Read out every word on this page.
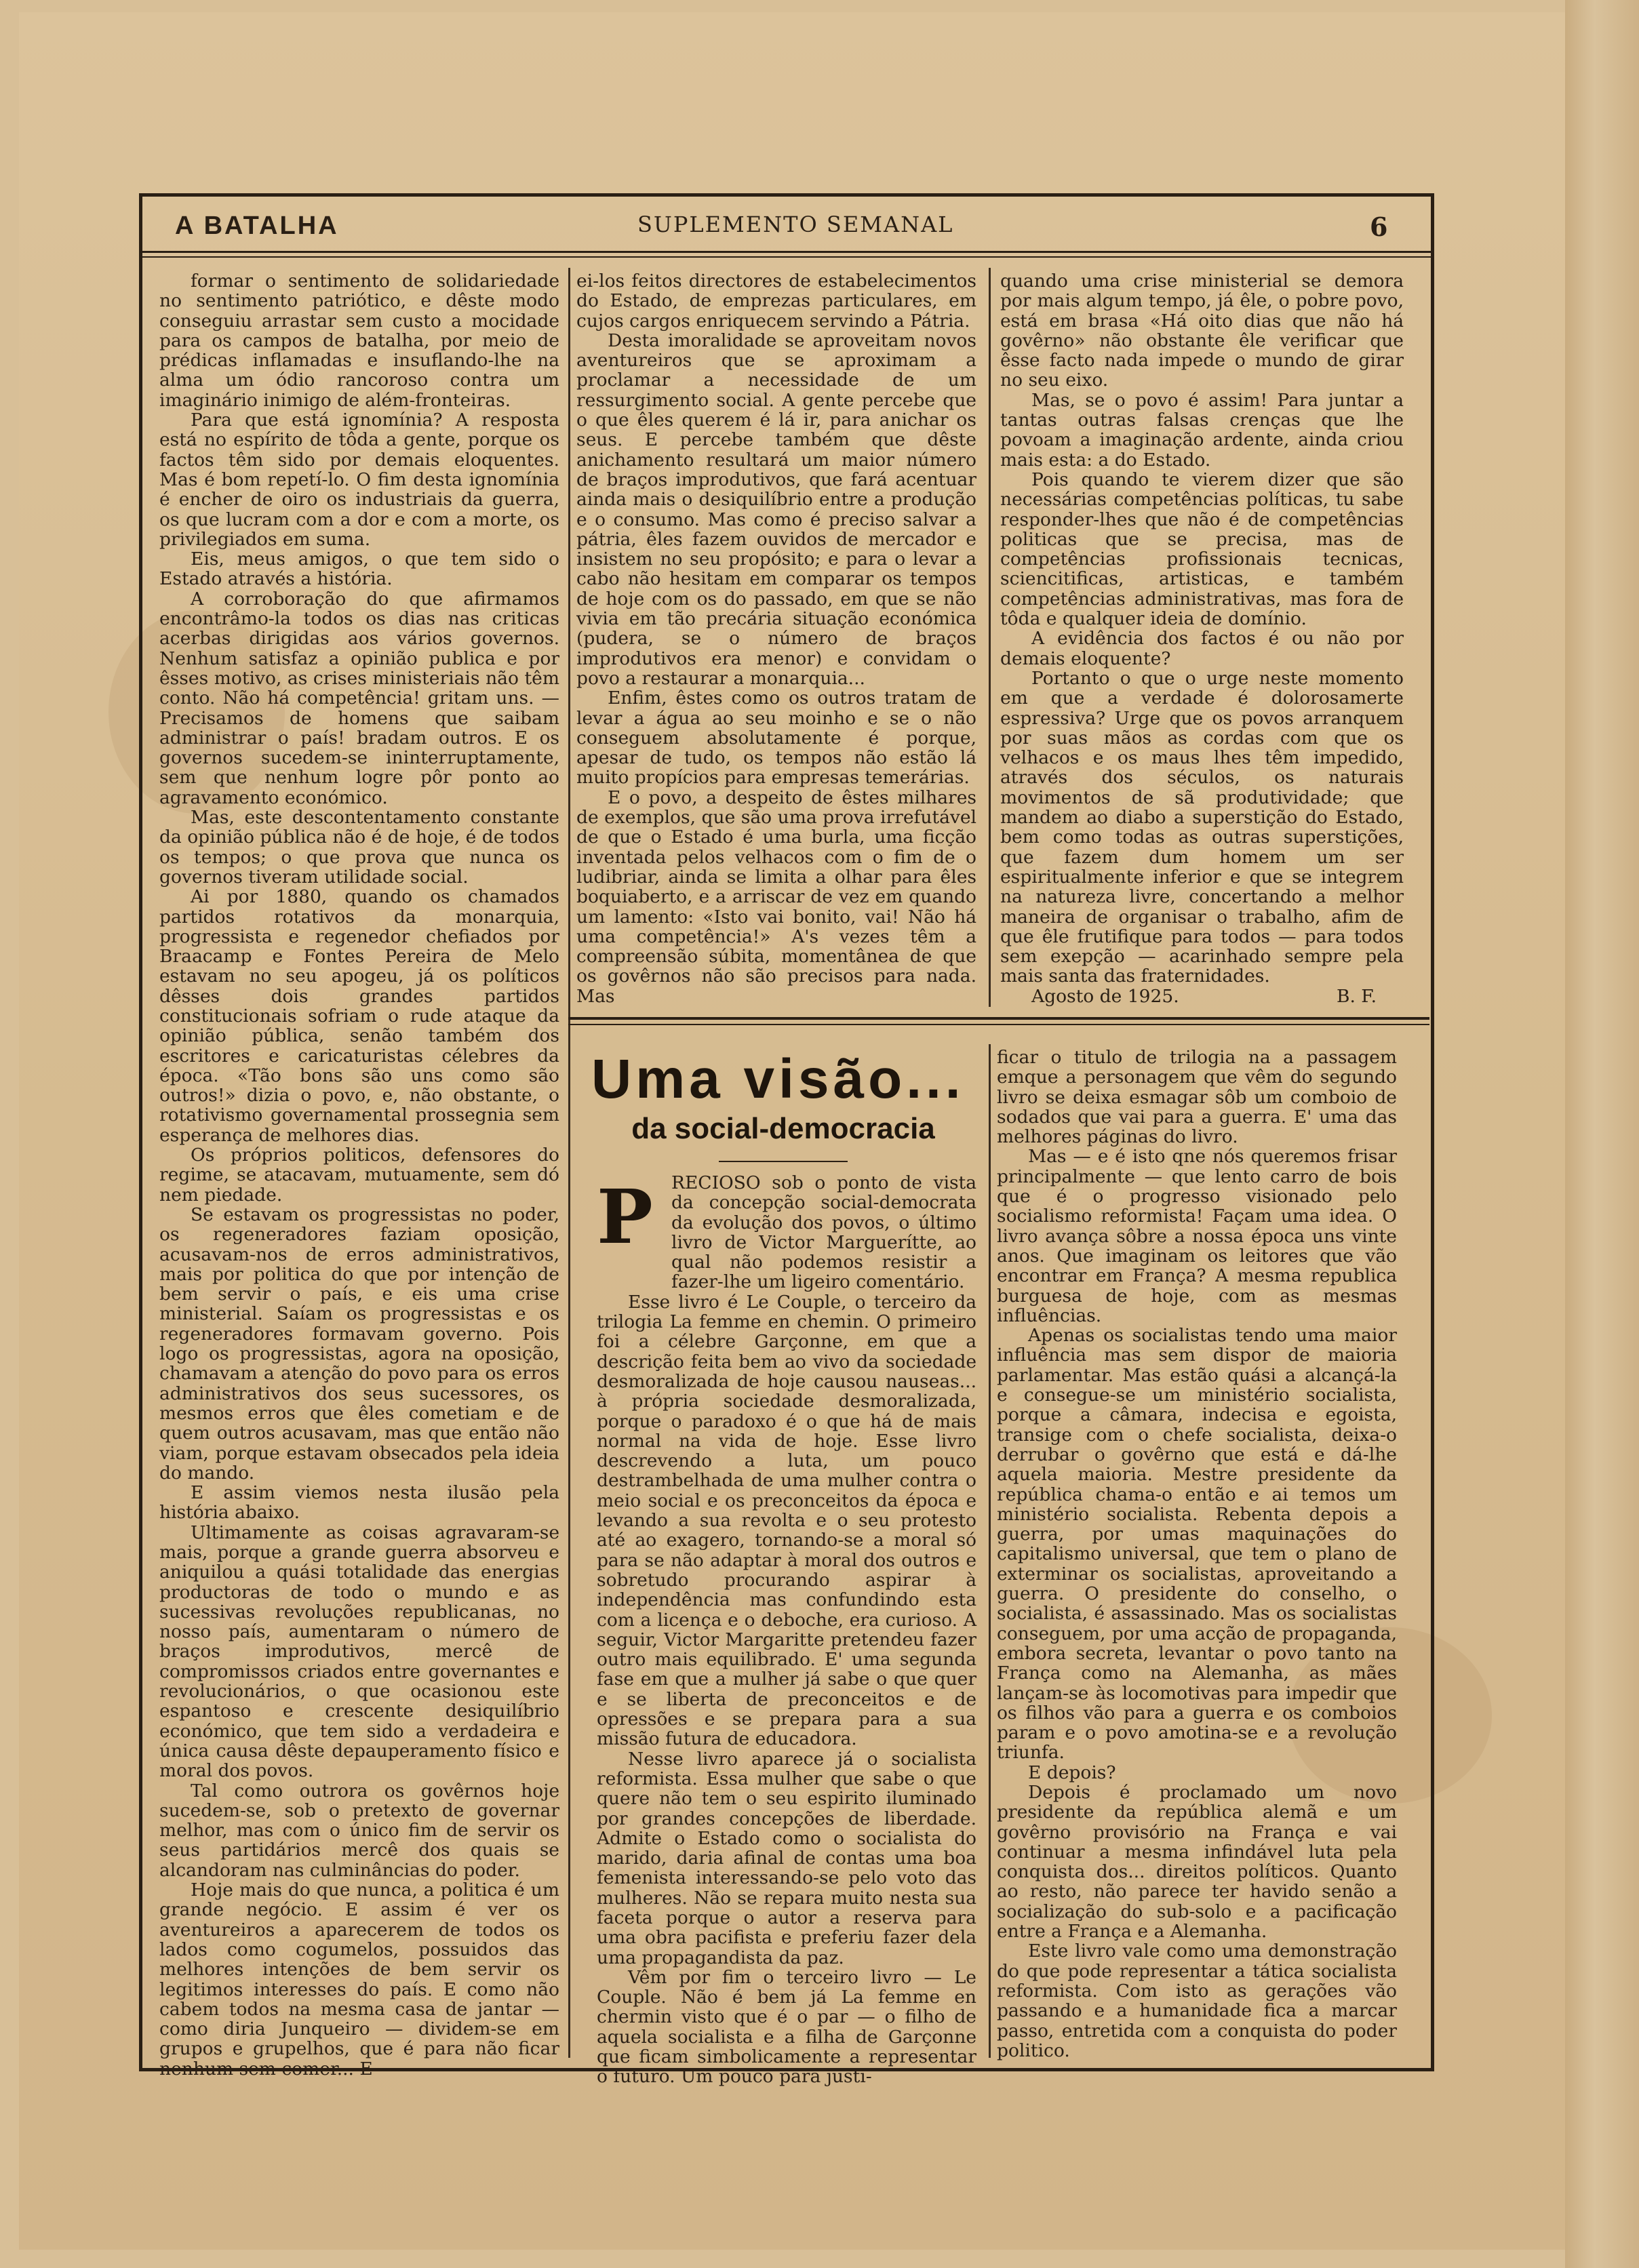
A BATALHA	SUPLEMENTO SEMANAL	6

formar o sentimento de solidariedade no sentimento patriótico, e dêste modo conseguiu arrastar sem custo a mocidade para os campos de batalha, por meio de prédicas inflamadas e insuflando-lhe na alma um ódio rancoroso contra um imaginário inimigo de além-fronteiras.

Para que está ignomínia? A resposta está no espírito de tôda a gente, porque os factos têm sido por demais eloquentes. Mas é bom repetí-lo. O fim desta ignomínia é encher de oiro os industriais da guerra, os que lucram com a dor e com a morte, os privilegiados em suma.

Eis, meus amigos, o que tem sido o Estado através a história.

A corroboração do que afirmamos encontrâmo-la todos os dias nas criticas acerbas dirigidas aos vários governos. Nenhum satisfaz a opinião publica e por êsses motivo, as crises ministeriais não têm conto. Não há competência! gritam uns. — Precisamos de homens que saibam administrar o país! bradam outros. E os governos sucedem-se ininterruptamente, sem que nenhum logre pôr ponto ao agravamento económico.

Mas, este descontentamento constante da opinião pública não é de hoje, é de todos os tempos; o que prova que nunca os governos tiveram utilidade social.

Ai por 1880, quando os chamados partidos rotativos da monarquia, progressista e regenedor chefiados por Braacamp e Fontes Pereira de Melo estavam no seu apogeu, já os políticos dêsses dois grandes partidos constitucionais sofriam o rude ataque da opinião pública, senão também dos escritores e caricaturistas célebres da época. «Tão bons são uns como são outros!» dizia o povo, e, não obstante, o rotativismo governamental prossegnia sem esperança de melhores dias.

Os próprios politicos, defensores do regime, se atacavam, mutuamente, sem dó nem piedade.

Se estavam os progressistas no poder, os regeneradores faziam oposição, acusavam-nos de erros administrativos, mais por politica do que por intenção de bem servir o país, e eis uma crise ministerial. Saíam os progressistas e os regeneradores formavam governo. Pois logo os progressistas, agora na oposição, chamavam a atenção do povo para os erros administrativos dos seus sucessores, os mesmos erros que êles cometiam e de quem outros acusavam, mas que então não viam, porque estavam obsecados pela ideia do mando.

E assim viemos nesta ilusão pela história abaixo.

Ultimamente as coisas agravaram-se mais, porque a grande guerra absorveu e aniquilou a quási totalidade das energias productoras de todo o mundo e as sucessivas revoluções republicanas, no nosso país, aumentaram o número de braços improdutivos, mercê de compromissos criados entre governantes e revolucionários, o que ocasionou este espantoso e crescente desiquilíbrio económico, que tem sido a verdadeira e única causa dêste depauperamento físico e moral dos povos.

Tal como outrora os govêrnos hoje sucedem-se, sob o pretexto de governar melhor, mas com o único fim de servir os seus partidários mercê dos quais se alcandoram nas culminâncias do poder.

Hoje mais do que nunca, a politica é um grande negócio. E assim é ver os aventureiros a aparecerem de todos os lados como cogumelos, possuidos das melhores intenções de bem servir os legitimos interesses do país. E como não cabem todos na mesma casa de jantar — como diria Junqueiro — dividem-se em grupos e grupelhos, que é para não ficar nenhum sem comer... E

ei-los feitos directores de estabelecimentos do Estado, de emprezas particulares, em cujos cargos enriquecem servindo a Pátria.

Desta imoralidade se aproveitam novos aventureiros que se aproximam a proclamar a necessidade de um ressurgimento social. A gente percebe que o que êles querem é lá ir, para anichar os seus. E percebe também que dêste anichamento resultará um maior número de braços improdutivos, que fará acentuar ainda mais o desiquilíbrio entre a produção e o consumo. Mas como é preciso salvar a pátria, êles fazem ouvidos de mercador e insistem no seu propósito; e para o levar a cabo não hesitam em comparar os tempos de hoje com os do passado, em que se não vivia em tão precária situação económica (pudera, se o número de braços improdutivos era menor) e convidam o povo a restaurar a monarquia...

Enfim, êstes como os outros tratam de levar a água ao seu moinho e se o não conseguem absolutamente é porque, apesar de tudo, os tempos não estão lá muito propícios para empresas temerárias.

E o povo, a despeito de êstes milhares de exemplos, que são uma prova irrefutável de que o Estado é uma burla, uma ficção inventada pelos velhacos com o fim de o ludibriar, ainda se limita a olhar para êles boquiaberto, e a arriscar de vez em quando um lamento: «Isto vai bonito, vai! Não há uma competência!» A's vezes têm a compreensão súbita, momentânea de que os govêrnos não são precisos para nada. Mas

quando uma crise ministerial se demora por mais algum tempo, já êle, o pobre povo, está em brasa «Há oito dias que não há govêrno» não obstante êle verificar que êsse facto nada impede o mundo de girar no seu eixo.

Mas, se o povo é assim! Para juntar a tantas outras falsas crenças que lhe povoam a imaginação ardente, ainda criou mais esta: a do Estado.

Pois quando te vierem dizer que são necessárias competências políticas, tu sabe responder-lhes que não é de competências politicas que se precisa, mas de competências profissionais tecnicas, sciencitificas, artisticas, e também competências administrativas, mas fora de tôda e qualquer ideia de domínio.

A evidência dos factos é ou não por demais eloquente?

Portanto o que o urge neste momento em que a verdade é dolorosamerte espressiva? Urge que os povos arranquem por suas mãos as cordas com que os velhacos e os maus lhes têm impedido, através dos séculos, os naturais movimentos de sã produtividade; que mandem ao diabo a superstição do Estado, bem como todas as outras superstições, que fazem dum homem um ser espiritualmente inferior e que se integrem na natureza livre, concertando a melhor maneira de organisar o trabalho, afim de que êle frutifique para todos — para todos sem exepção — acarinhado sempre pela mais santa das fraternidades.

Agosto de 1925.	B. F.
Uma visão...
da social-democracia
P	RECIOSO sob o ponto de vista da concepção social-democrata da evolução dos povos, o último livro de Victor Marguerítte, ao qual não podemos resistir a fazer-lhe um ligeiro comentário.

Esse livro é Le Couple, o terceiro da trilogia La femme en chemin. O primeiro foi a célebre Garçonne, em que a descrição feita bem ao vivo da sociedade desmoralizada de hoje causou nauseas... à própria sociedade desmoralizada, porque o paradoxo é o que há de mais normal na vida de hoje. Esse livro descrevendo a luta, um pouco destrambelhada de uma mulher contra o meio social e os preconceitos da época e levando a sua revolta e o seu protesto até ao exagero, tornando-se a moral só para se não adaptar à moral dos outros e sobretudo procurando aspirar à independência mas confundindo esta com a licença e o deboche, era curioso. A seguir, Victor Margaritte pretendeu fazer outro mais equilibrado. E' uma segunda fase em que a mulher já sabe o que quer e se liberta de preconceitos e de opressões e se prepara para a sua missão futura de educadora.

Nesse livro aparece já o socialista reformista. Essa mulher que sabe o que quere não tem o seu espirito iluminado por grandes concepções de liberdade. Admite o Estado como o socialista do marido, daria afinal de contas uma boa femenista interessando-se pelo voto das mulheres. Não se repara muito nesta sua faceta porque o autor a reserva para uma obra pacifista e preferiu fazer dela uma propagandista da paz.

Vêm por fim o terceiro livro — Le Couple. Não é bem já La femme en chermin visto que é o par — o filho de aquela socialista e a filha de Garçonne que ficam simbolicamente a representar o futuro. Um pouco pará justi-

ficar o titulo de trilogia na a passagem emque a personagem que vêm do segundo livro se deixa esmagar sôb um comboio de sodados que vai para a guerra. E' uma das melhores páginas do livro.

Mas — e é isto qne nós queremos frisar principalmente — que lento carro de bois que é o progresso visionado pelo socialismo reformista! Façam uma idea. O livro avança sôbre a nossa época uns vinte anos. Que imaginam os leitores que vão encontrar em França? A mesma republica burguesa de hoje, com as mesmas influências.

Apenas os socialistas tendo uma maior influência mas sem dispor de maioria parlamentar. Mas estão quási a alcançá-la e consegue-se um ministério socialista, porque a câmara, indecisa e egoista, transige com o chefe socialista, deixa-o derrubar o govêrno que está e dá-lhe aquela maioria. Mestre presidente da república chama-o então e ai temos um ministério socialista. Rebenta depois a guerra, por umas maquinações do capitalismo universal, que tem o plano de exterminar os socialistas, aproveitando a guerra. O presidente do conselho, o socialista, é assassinado. Mas os socialistas conseguem, por uma acção de propaganda, embora secreta, levantar o povo tanto na França como na Alemanha, as mães lançam-se às locomotivas para impedir que os filhos vão para a guerra e os comboios param e o povo amotina-se e a revolução triunfa.

E depois?

Depois é proclamado um novo presidente da república alemã e um govêrno provisório na França e vai continuar a mesma infindável luta pela conquista dos... direitos políticos. Quanto ao resto, não parece ter havido senão a socialização do sub-solo e a pacificação entre a França e a Alemanha.

Este livro vale como uma demonstração do que pode representar a tática socialista reformista. Com isto as gerações vão passando e a humanidade fica a marcar passo, entretida com a conquista do poder politico.
